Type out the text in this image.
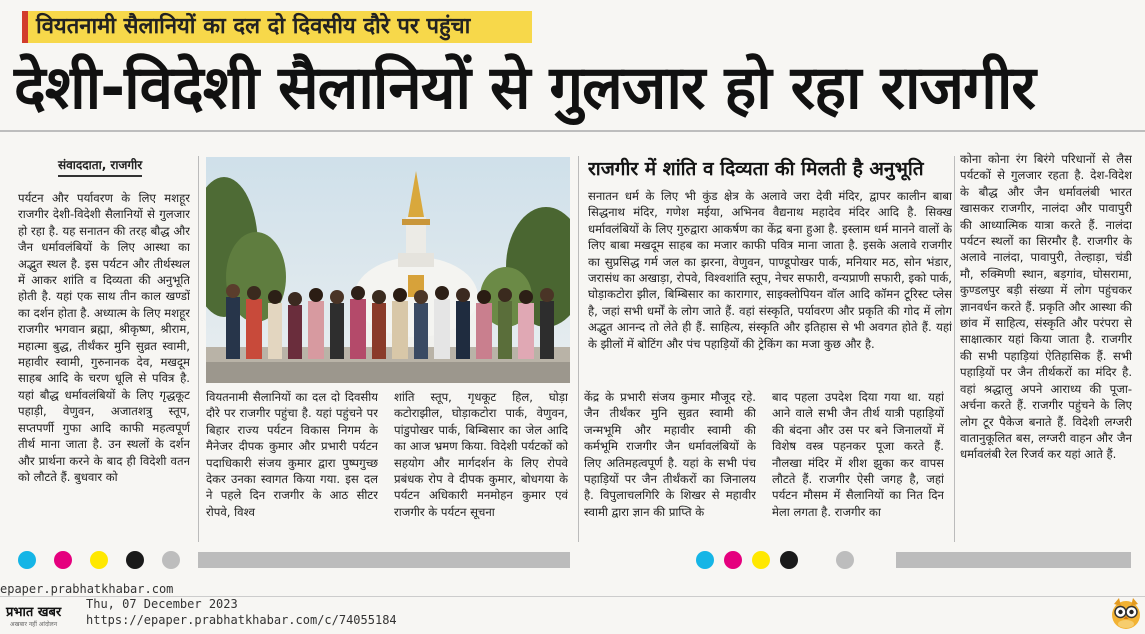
वियतनामी सैलानियों का दल दो दिवसीय दौरे पर पहुंचा
देशी-विदेशी सैलानियों से गुलजार हो रहा राजगीर
संवाददाता, राजगीर
पर्यटन और पर्यावरण के लिए मशहूर राजगीर देशी-विदेशी सैलानियों से गुलजार हो रहा है. यह सनातन की तरह बौद्ध और जैन धर्मावलंबियों के लिए आस्था का अद्भुत स्थल है. इस पर्यटन और तीर्थस्थल में आकर शांति व दिव्यता की अनुभूति होती है. यहां एक साथ तीन काल खण्डों का दर्शन होता है. अध्यात्म के लिए मशहूर राजगीर भगवान ब्रह्मा, श्रीकृष्ण, श्रीराम, महात्मा बुद्ध, तीर्थंकर मुनि सुव्रत स्वामी, महावीर स्वामी, गुरुनानक देव, मखदूम साहब आदि के चरण धूलि से पवित्र है. यहां बौद्ध धर्मावलंबियों के लिए गृद्धकूट पहाड़ी, वेणुवन, अजातशत्रु स्तूप, सप्तपर्णी गुफा आदि काफी महत्वपूर्ण तीर्थ माना जाता है. उन स्थलों के दर्शन और प्रार्थना करने के बाद ही विदेशी वतन को लौटते हैं. बुधवार को
वियतनामी सैलानियों का दल दो दिवसीय दौरे पर राजगीर पहुंचा है. यहां पहुंचने पर बिहार राज्य पर्यटन विकास निगम के मैनेजर दीपक कुमार और प्रभारी पर्यटन पदाधिकारी संजय कुमार द्वारा पुष्पगुच्छ देकर उनका स्वागत किया गया. इस दल ने पहले दिन राजगीर के आठ सीटर रोपवे, विश्व
शांति स्तूप, गृधकूट हिल, घोड़ा कटोराझील, घोड़ाकटोरा पार्क, वेणुवन, पांडुपोखर पार्क, बिम्बिसार का जेल आदि का आज भ्रमण किया. विदेशी पर्यटकों को सहयोग और मार्गदर्शन के लिए रोपवे प्रबंधक रोप वे दीपक कुमार, बोधगया के पर्यटन अधिकारी मनमोहन कुमार एवं राजगीर के पर्यटन सूचना
केंद्र के प्रभारी संजय कुमार मौजूद रहे. जैन तीर्थंकर मुनि सुव्रत स्वामी की जन्मभूमि और महावीर स्वामी की कर्मभूमि राजगीर जैन धर्मावलंबियों के लिए अतिमहत्वपूर्ण है. यहां के सभी पंच पहाड़ियों पर जैन तीर्थंकरों का जिनालय है. विपुलाचलगिरि के शिखर से महावीर स्वामी द्वारा ज्ञान की प्राप्ति के
बाद पहला उपदेश दिया गया था. यहां आने वाले सभी जैन तीर्थ यात्री पहाड़ियों की बंदना और उस पर बने जिनालयों में विशेष वस्त्र पहनकर पूजा करते हैं. नौलखा मंदिर में शीश झुका कर वापस लौटते हैं. राजगीर ऐसी जगह है, जहां पर्यटन मौसम में सैलानियों का नित दिन मेला लगता है. राजगीर का
कोना कोना रंग बिरंगे परिधानों से लैस पर्यटकों से गुलजार रहता है. देश-विदेश के बौद्ध और जैन धर्मावलंबी भारत खासकर राजगीर, नालंदा और पावापुरी की आध्यात्मिक यात्रा करते हैं. नालंदा पर्यटन स्थलों का सिरमौर है. राजगीर के अलावे नालंदा, पावापुरी, तेल्हाड़ा, चंडी मौ, रुक्मिणी स्थान, बड़गांव, घोसरामा, कुण्डलपुर बड़ी संख्या में लोग पहुंचकर ज्ञानवर्धन करते हैं. प्रकृति और आस्था की छांव में साहित्य, संस्कृति और परंपरा से साक्षात्कार यहां किया जाता है. राजगीर की सभी पहाड़ियां ऐतिहासिक हैं. सभी पहाड़ियों पर जैन तीर्थकरों का मंदिर है. वहां श्रद्धालु अपने आराध्य की पूजा-अर्चना करते हैं. राजगीर पहुंचने के लिए लोग टूर पैकेज बनाते हैं. विदेशी लग्जरी वातानुकूलित बस, लग्जरी वाहन और जैन धर्मावलंबी रेल रिजर्व कर यहां आते हैं.
राजगीर में शांति व दिव्यता की मिलती है अनुभूति
सनातन धर्म के लिए भी कुंड क्षेत्र के अलावे जरा देवी मंदिर, द्वापर कालीन बाबा सिद्धनाथ मंदिर, गणेश मईया, अभिनव वैद्यनाथ महादेव मंदिर आदि है. सिक्ख धर्मावलंबियों के लिए गुरुद्वारा आकर्षण का केंद्र बना हुआ है. इस्लाम धर्म मानने वालों के लिए बाबा मखदूम साहब का मजार काफी पवित्र माना जाता है. इसके अलावे राजगीर का सुप्रसिद्ध गर्म जल का झरना, वेणुवन, पाण्डूपोखर पार्क, मनियार मठ, सोन भंडार, जरासंध का अखाड़ा, रोपवे, विश्वशांति स्तूप, नेचर सफारी, वन्यप्राणी सफारी, इको पार्क, घोड़ाकटोरा झील, बिम्बिसार का कारागार, साइक्लोपियन वॉल आदि कॉमन टूरिस्ट प्लेस है, जहां सभी धर्मों के लोग जाते हैं. वहां संस्कृति, पर्यावरण और प्रकृति की गोद में लोग अद्भुत आनन्द तो लेते ही हैं. साहित्य, संस्कृति और इतिहास से भी अवगत होते हैं. यहां के झीलों में बोटिंग और पंच पहाड़ियों की ट्रेकिंग का मजा कुछ और है.
epaper.prabhatkhabar.com
प्रभात खबर
अखबार नहीं आंदोलन
Thu, 07 December 2023
https://epaper.prabhatkhabar.com/c/74055184
